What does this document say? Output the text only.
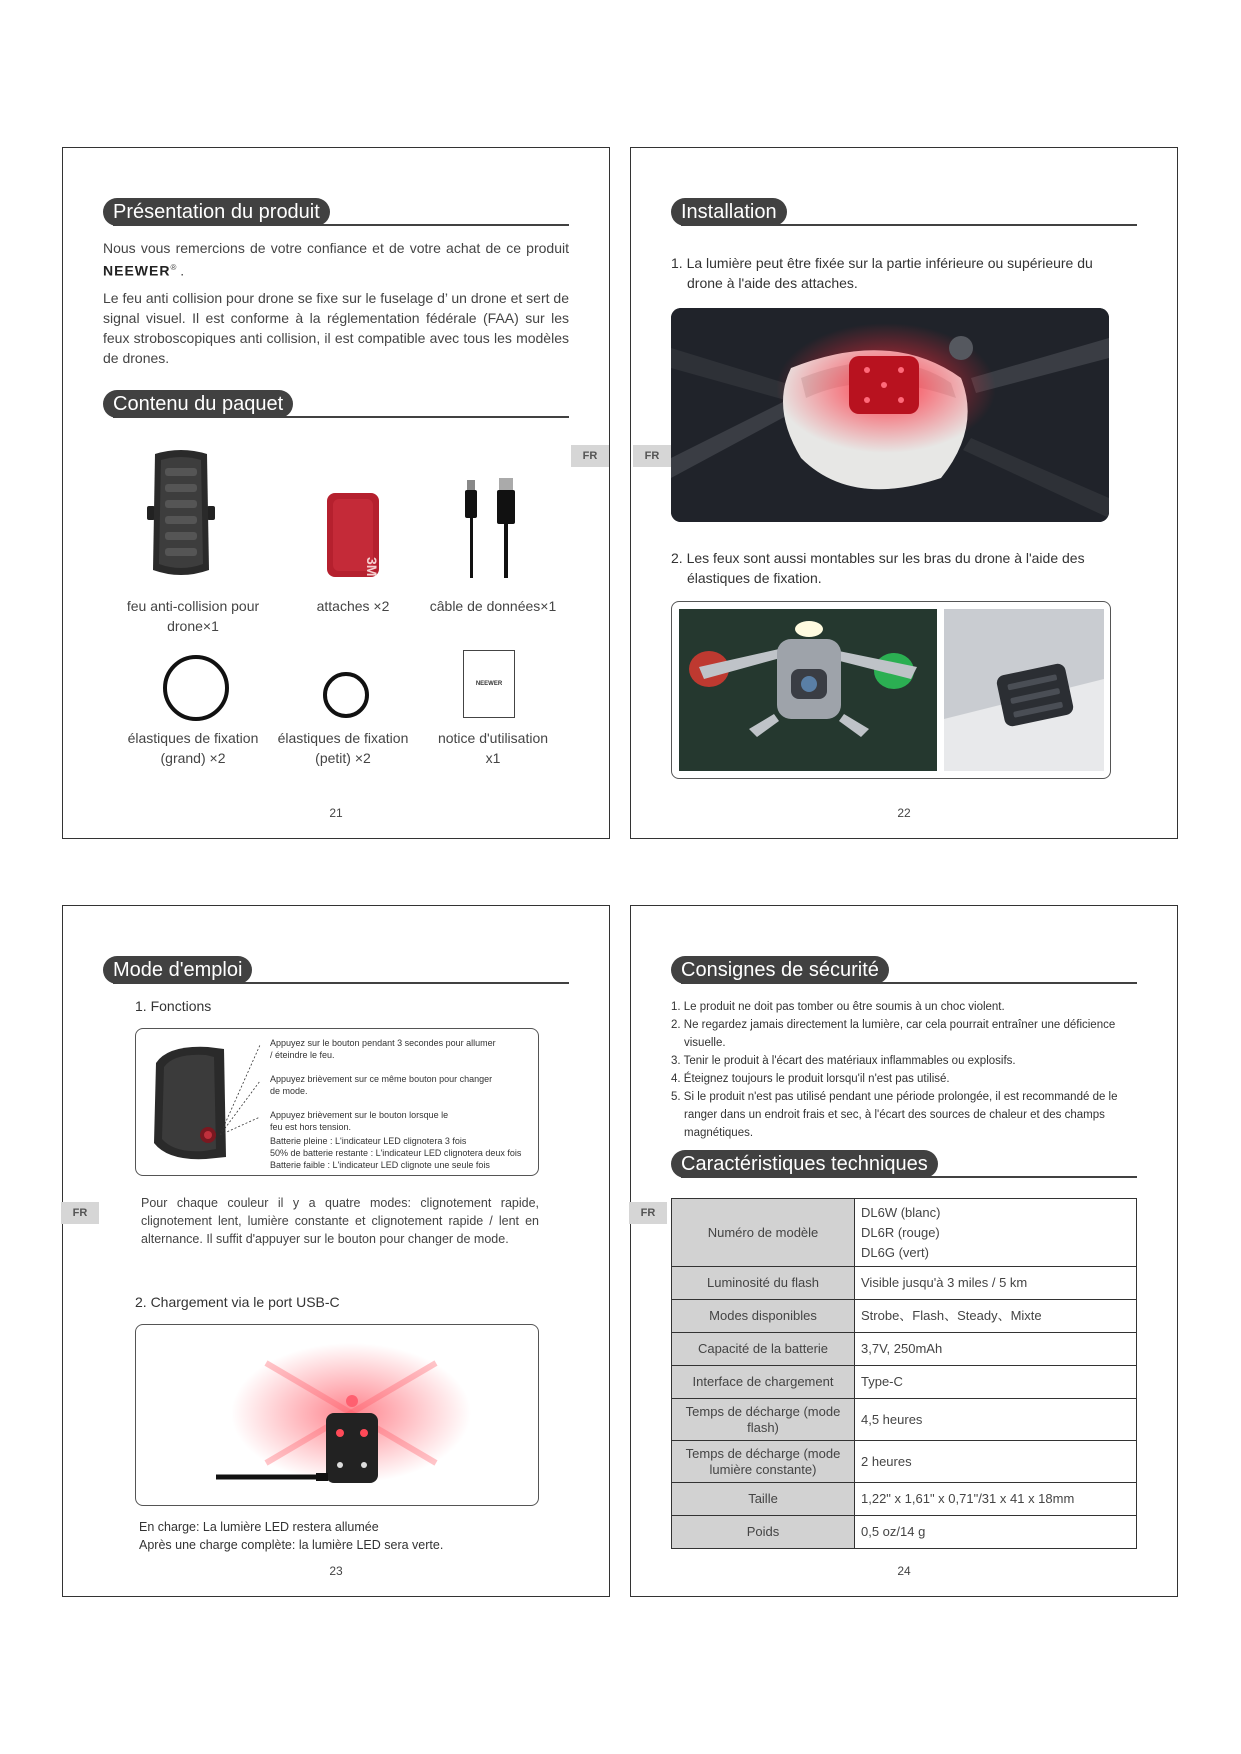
Présentation du produit
Nous vous remercions de votre confiance et de votre achat de ce produit NEEWER® .
Le feu anti collision pour drone se fixe sur le fuselage d’ un drone et sert de signal visuel. Il est conforme à la réglementation fédérale (FAA) sur les feux stroboscopiques anti collision, il est compatible avec tous les modèles de drones.
Contenu du paquet
3M
feu anti-collision pour drone×1
attaches ×2	câble de données×1
NEEWER
élastiques de fixation (grand) ×2
élastiques de fixation (petit) ×2
notice d'utilisation x1
FR
21
Installation
1. La lumière peut être fixée sur la partie inférieure ou supérieure du drone à l'aide des attaches.
2. Les feux sont aussi montables sur les bras du drone à l'aide des élastiques de fixation.
FR
22
Mode d'emploi
1. Fonctions
Appuyez sur le bouton pendant 3 secondes pour allumer / éteindre le feu.
Appuyez brièvement sur ce même bouton pour changer de mode.
Appuyez brièvement sur le bouton lorsque le feu est hors tension.
Batterie pleine : L'indicateur LED clignotera 3 fois
50% de batterie restante : L'indicateur LED clignotera deux fois
Batterie faible : L'indicateur LED clignote une seule fois
Pour chaque couleur il y a quatre modes: clignotement rapide, clignotement lent, lumière constante et clignotement rapide / lent en alternance. Il suffit d'appuyer sur le bouton pour changer de mode.
2. Chargement via le port USB-C
En charge: La lumière LED restera allumée
Après une charge complète: la lumière LED sera verte.
FR
23
Consignes de sécurité
1. Le produit ne doit pas tomber ou être soumis à un choc violent.
2. Ne regardez jamais directement la lumière, car cela pourrait entraîner une déficience visuelle.
3. Tenir le produit à l'écart des matériaux inflammables ou explosifs.
4. Éteignez toujours le produit lorsqu'il n'est pas utilisé.
5. Si le produit n'est pas utilisé pendant une période prolongée, il est recommandé de le ranger dans un endroit frais et sec, à l'écart des sources de chaleur et des champs magnétiques.
Caractéristiques techniques
Numéro de modèle	DL6W (blanc)
DL6R (rouge)
DL6G (vert)

Luminosité du flash	Visible jusqu'à 3 miles / 5 km
Modes disponibles	Strobe、Flash、Steady、Mixte
Capacité de la batterie	3,7V, 250mAh
Interface de chargement	Type-C
Temps de décharge (mode flash)	4,5 heures
Temps de décharge (mode lumière constante)	2 heures
Taille	1,22" x 1,61" x 0,71"/31 x 41 x 18mm
Poids	0,5 oz/14 g
FR
24
